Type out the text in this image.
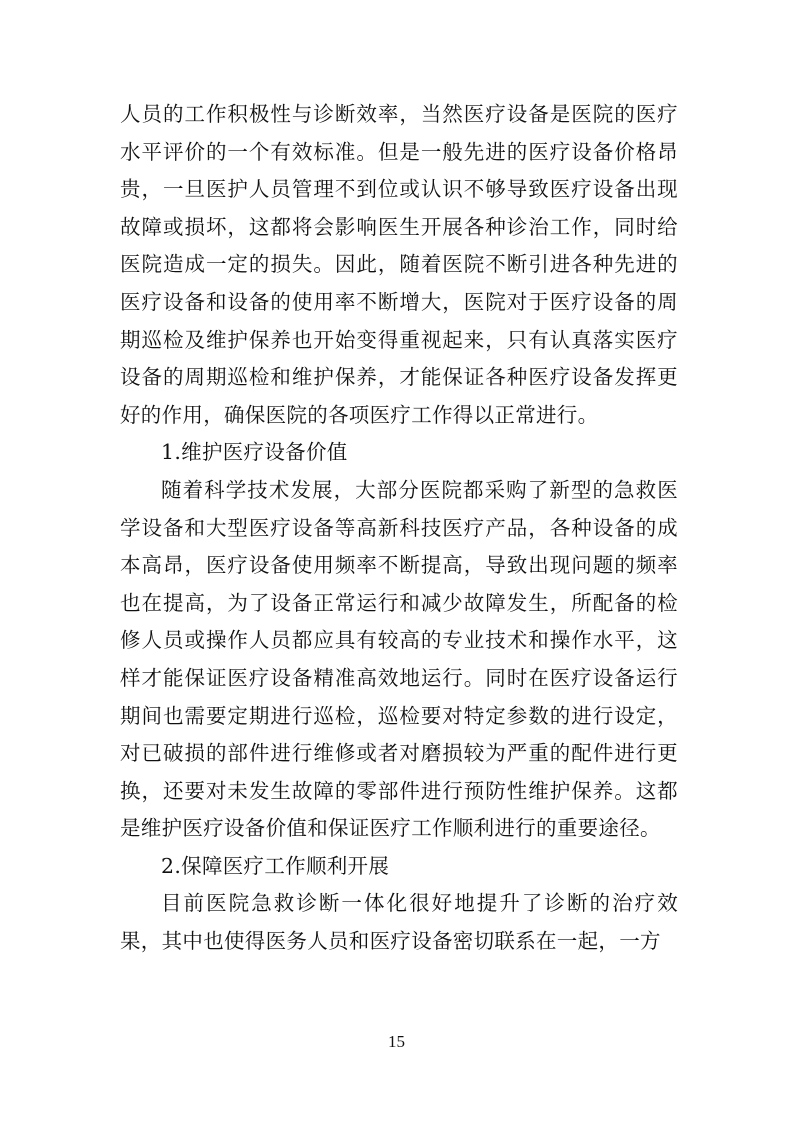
人员的工作积极性与诊断效率，当然医疗设备是医院的医疗水平评价的一个有效标准。但是一般先进的医疗设备价格昂贵，一旦医护人员管理不到位或认识不够导致医疗设备出现故障或损坏，这都将会影响医生开展各种诊治工作，同时给医院造成一定的损失。因此，随着医院不断引进各种先进的医疗设备和设备的使用率不断增大，医院对于医疗设备的周期巡检及维护保养也开始变得重视起来，只有认真落实医疗设备的周期巡检和维护保养，才能保证各种医疗设备发挥更好的作用，确保医院的各项医疗工作得以正常进行。

1.维护医疗设备价值

随着科学技术发展，大部分医院都采购了新型的急救医学设备和大型医疗设备等高新科技医疗产品，各种设备的成本高昂，医疗设备使用频率不断提高，导致出现问题的频率也在提高，为了设备正常运行和减少故障发生，所配备的检修人员或操作人员都应具有较高的专业技术和操作水平，这样才能保证医疗设备精准高效地运行。同时在医疗设备运行期间也需要定期进行巡检，巡检要对特定参数的进行设定，对已破损的部件进行维修或者对磨损较为严重的配件进行更换，还要对未发生故障的零部件进行预防性维护保养。这都是维护医疗设备价值和保证医疗工作顺利进行的重要途径。

2.保障医疗工作顺利开展

目前医院急救诊断一体化很好地提升了诊断的治疗效果，其中也使得医务人员和医疗设备密切联系在一起，一方

15
